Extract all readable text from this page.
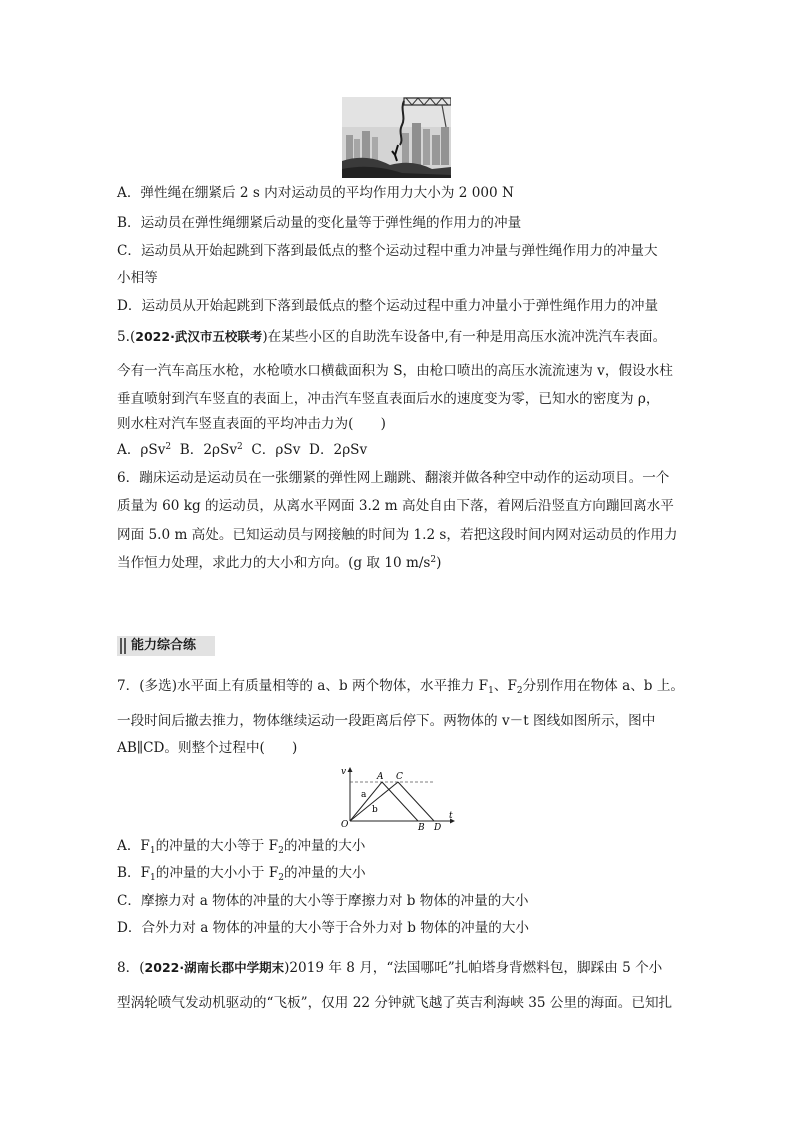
A．弹性绳在绷紧后 2 s 内对运动员的平均作用力大小为 2 000 N
B．运动员在弹性绳绷紧后动量的变化量等于弹性绳的作用力的冲量
C．运动员从开始起跳到下落到最低点的整个运动过程中重力冲量与弹性绳作用力的冲量大
小相等
D．运动员从开始起跳到下落到最低点的整个运动过程中重力冲量小于弹性绳作用力的冲量
5.(2022·武汉市五校联考)在某些小区的自助洗车设备中,有一种是用高压水流冲洗汽车表面。
今有一汽车高压水枪，水枪喷水口横截面积为 S，由枪口喷出的高压水流流速为 v，假设水柱
垂直喷射到汽车竖直的表面上，冲击汽车竖直表面后水的速度变为零，已知水的密度为 ρ，
则水柱对汽车竖直表面的平均冲击力为(　　)
A．ρSv$^2$ B．2ρSv$^2$ C．ρSv D．2ρSv
6．蹦床运动是运动员在一张绷紧的弹性网上蹦跳、翻滚并做各种空中动作的运动项目。一个
质量为 60 kg 的运动员，从离水平网面 3.2 m 高处自由下落，着网后沿竖直方向蹦回离水平
网面 5.0 m 高处。已知运动员与网接触的时间为 1.2 s，若把这段时间内网对运动员的作用力
当作恒力处理，求此力的大小和方向。(g 取 10 $m/s^2$)
能力综合练
7．(多选)水平面上有质量相等的 a、b 两个物体，水平推力 $F_1$、$F_2$分别作用在物体 a、b 上。
一段时间后撤去推力，物体继续运动一段距离后停下。两物体的 v－t 图线如图所示，图中
AB∥CD。则整个过程中(　　)
v
t
O
A C
B D
a
b
A．$F_1$的冲量的大小等于 $F_2$的冲量的大小
B．$F_1$的冲量的大小小于 $F_2$的冲量的大小
C．摩擦力对 a 物体的冲量的大小等于摩擦力对 b 物体的冲量的大小
D．合外力对 a 物体的冲量的大小等于合外力对 b 物体的冲量的大小
8．(2022·湖南长郡中学期末)2019 年 8 月，“法国哪吒”扎帕塔身背燃料包，脚踩由 5 个小
型涡轮喷气发动机驱动的“飞板”，仅用 22 分钟就飞越了英吉利海峡 35 公里的海面。已知扎
